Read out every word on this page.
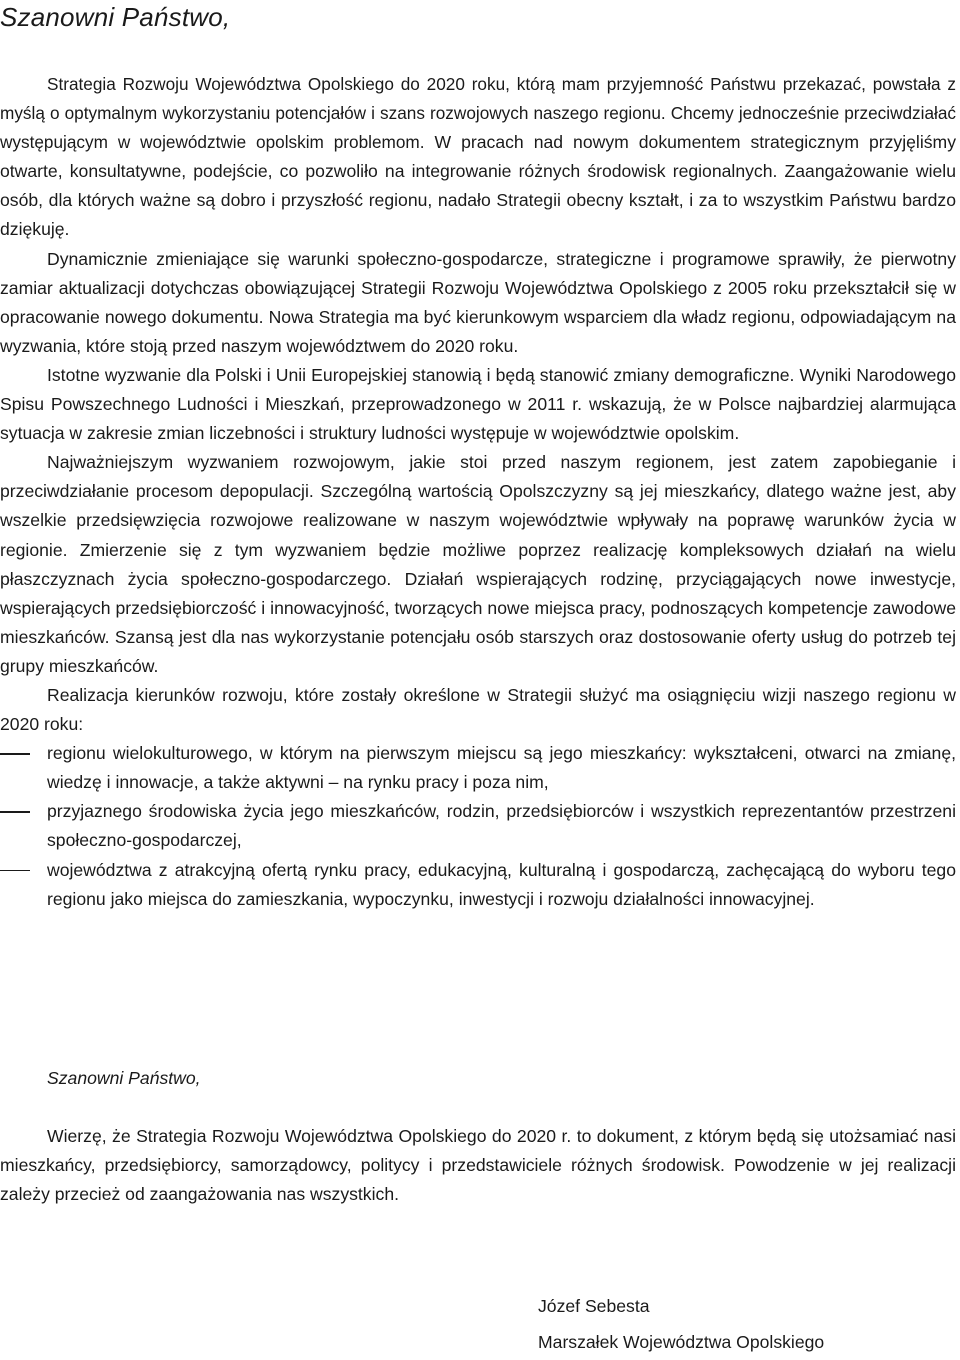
Szanowni Państwo,

Strategia Rozwoju Województwa Opolskiego do 2020 roku, którą mam przyjemność Państwu przekazać, powstała z myślą o optymalnym wykorzystaniu potencjałów i szans rozwojowych naszego regionu. Chcemy jednocześnie przeciwdziałać występującym w województwie opolskim problemom. W pracach nad nowym dokumentem strategicznym przyjęliśmy otwarte, konsultatywne, podejście, co pozwoliło na integrowanie różnych środowisk regionalnych. Zaangażowanie wielu osób, dla których ważne są dobro i przyszłość regionu, nadało Strategii obecny kształt, i za to wszystkim Państwu bardzo dziękuję.

Dynamicznie zmieniające się warunki społeczno-gospodarcze, strategiczne i programowe sprawiły, że pierwotny zamiar aktualizacji dotychczas obowiązującej Strategii Rozwoju Województwa Opolskiego z 2005 roku przekształcił się w opracowanie nowego dokumentu. Nowa Strategia ma być kierunkowym wsparciem dla władz regionu, odpowiadającym na wyzwania, które stoją przed naszym województwem do 2020 roku.

Istotne wyzwanie dla Polski i Unii Europejskiej stanowią i będą stanowić zmiany demograficzne. Wyniki Narodowego Spisu Powszechnego Ludności i Mieszkań, przeprowadzonego w 2011 r. wskazują, że w Polsce najbardziej alarmująca sytuacja w zakresie zmian liczebności i struktury ludności występuje w województwie opolskim.

Najważniejszym wyzwaniem rozwojowym, jakie stoi przed naszym regionem, jest zatem zapobieganie i przeciwdziałanie procesom depopulacji. Szczególną wartością Opolszczyzny są jej mieszkańcy, dlatego ważne jest, aby wszelkie przedsięwzięcia rozwojowe realizowane w naszym województwie wpływały na poprawę warunków życia w regionie. Zmierzenie się z tym wyzwaniem będzie możliwe poprzez realizację kompleksowych działań na wielu płaszczyznach życia społeczno-gospodarczego. Działań wspierających rodzinę, przyciągających nowe inwestycje, wspierających przedsiębiorczość i innowacyjność, tworzących nowe miejsca pracy, podnoszących kompetencje zawodowe mieszkańców. Szansą jest dla nas wykorzystanie potencjału osób starszych oraz dostosowanie oferty usług do potrzeb tej grupy mieszkańców.

Realizacja kierunków rozwoju, które zostały określone w Strategii służyć ma osiągnięciu wizji naszego regionu w 2020 roku:

regionu wielokulturowego, w którym na pierwszym miejscu są jego mieszkańcy: wykształceni, otwarci na zmianę, wiedzę i innowacje, a także aktywni – na rynku pracy i poza nim,
przyjaznego środowiska życia jego mieszkańców, rodzin, przedsiębiorców i wszystkich reprezentantów przestrzeni społeczno-gospodarczej,
województwa z atrakcyjną ofertą rynku pracy, edukacyjną, kulturalną i gospodarczą, zachęcającą do wyboru tego regionu jako miejsca do zamieszkania, wypoczynku, inwestycji i rozwoju działalności innowacyjnej.

Szanowni Państwo,

Wierzę, że Strategia Rozwoju Województwa Opolskiego do 2020 r. to dokument, z którym będą się utożsamiać nasi mieszkańcy, przedsiębiorcy, samorządowcy, politycy i przedstawiciele różnych środowisk. Powodzenie w jej realizacji zależy przecież od zaangażowania nas wszystkich.

Józef Sebesta
Marszałek Województwa Opolskiego
